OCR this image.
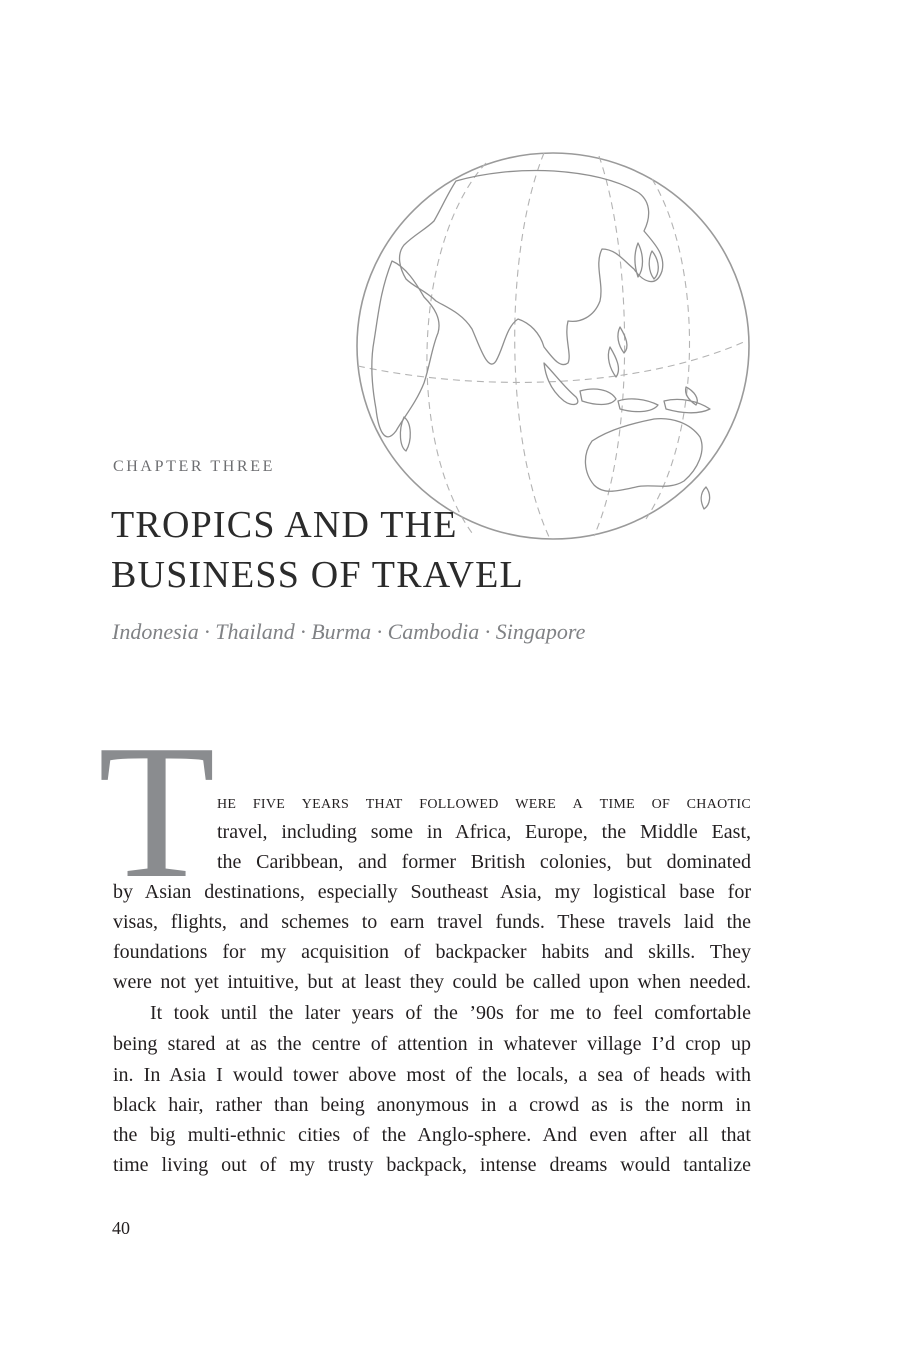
CHAPTER THREE
TROPICS AND THE
BUSINESS OF TRAVEL
Indonesia · Thailand · Burma · Cambodia · Singapore
T he five years that followed were a time of chaotic
travel, including some in Africa, Europe, the Middle East,
the Caribbean, and former British colonies, but dominated
by Asian destinations, especially Southeast Asia, my logistical base for
visas, flights, and schemes to earn travel funds. These travels laid the
foundations for my acquisition of backpacker habits and skills. They
were not yet intuitive, but at least they could be called upon when needed.
It took until the later years of the ’90s for me to feel comfortable
being stared at as the centre of attention in whatever village I’d crop up
in. In Asia I would tower above most of the locals, a sea of heads with
black hair, rather than being anonymous in a crowd as is the norm in
the big multi-ethnic cities of the Anglo-sphere. And even after all that
time living out of my trusty backpack, intense dreams would tantalize
40
